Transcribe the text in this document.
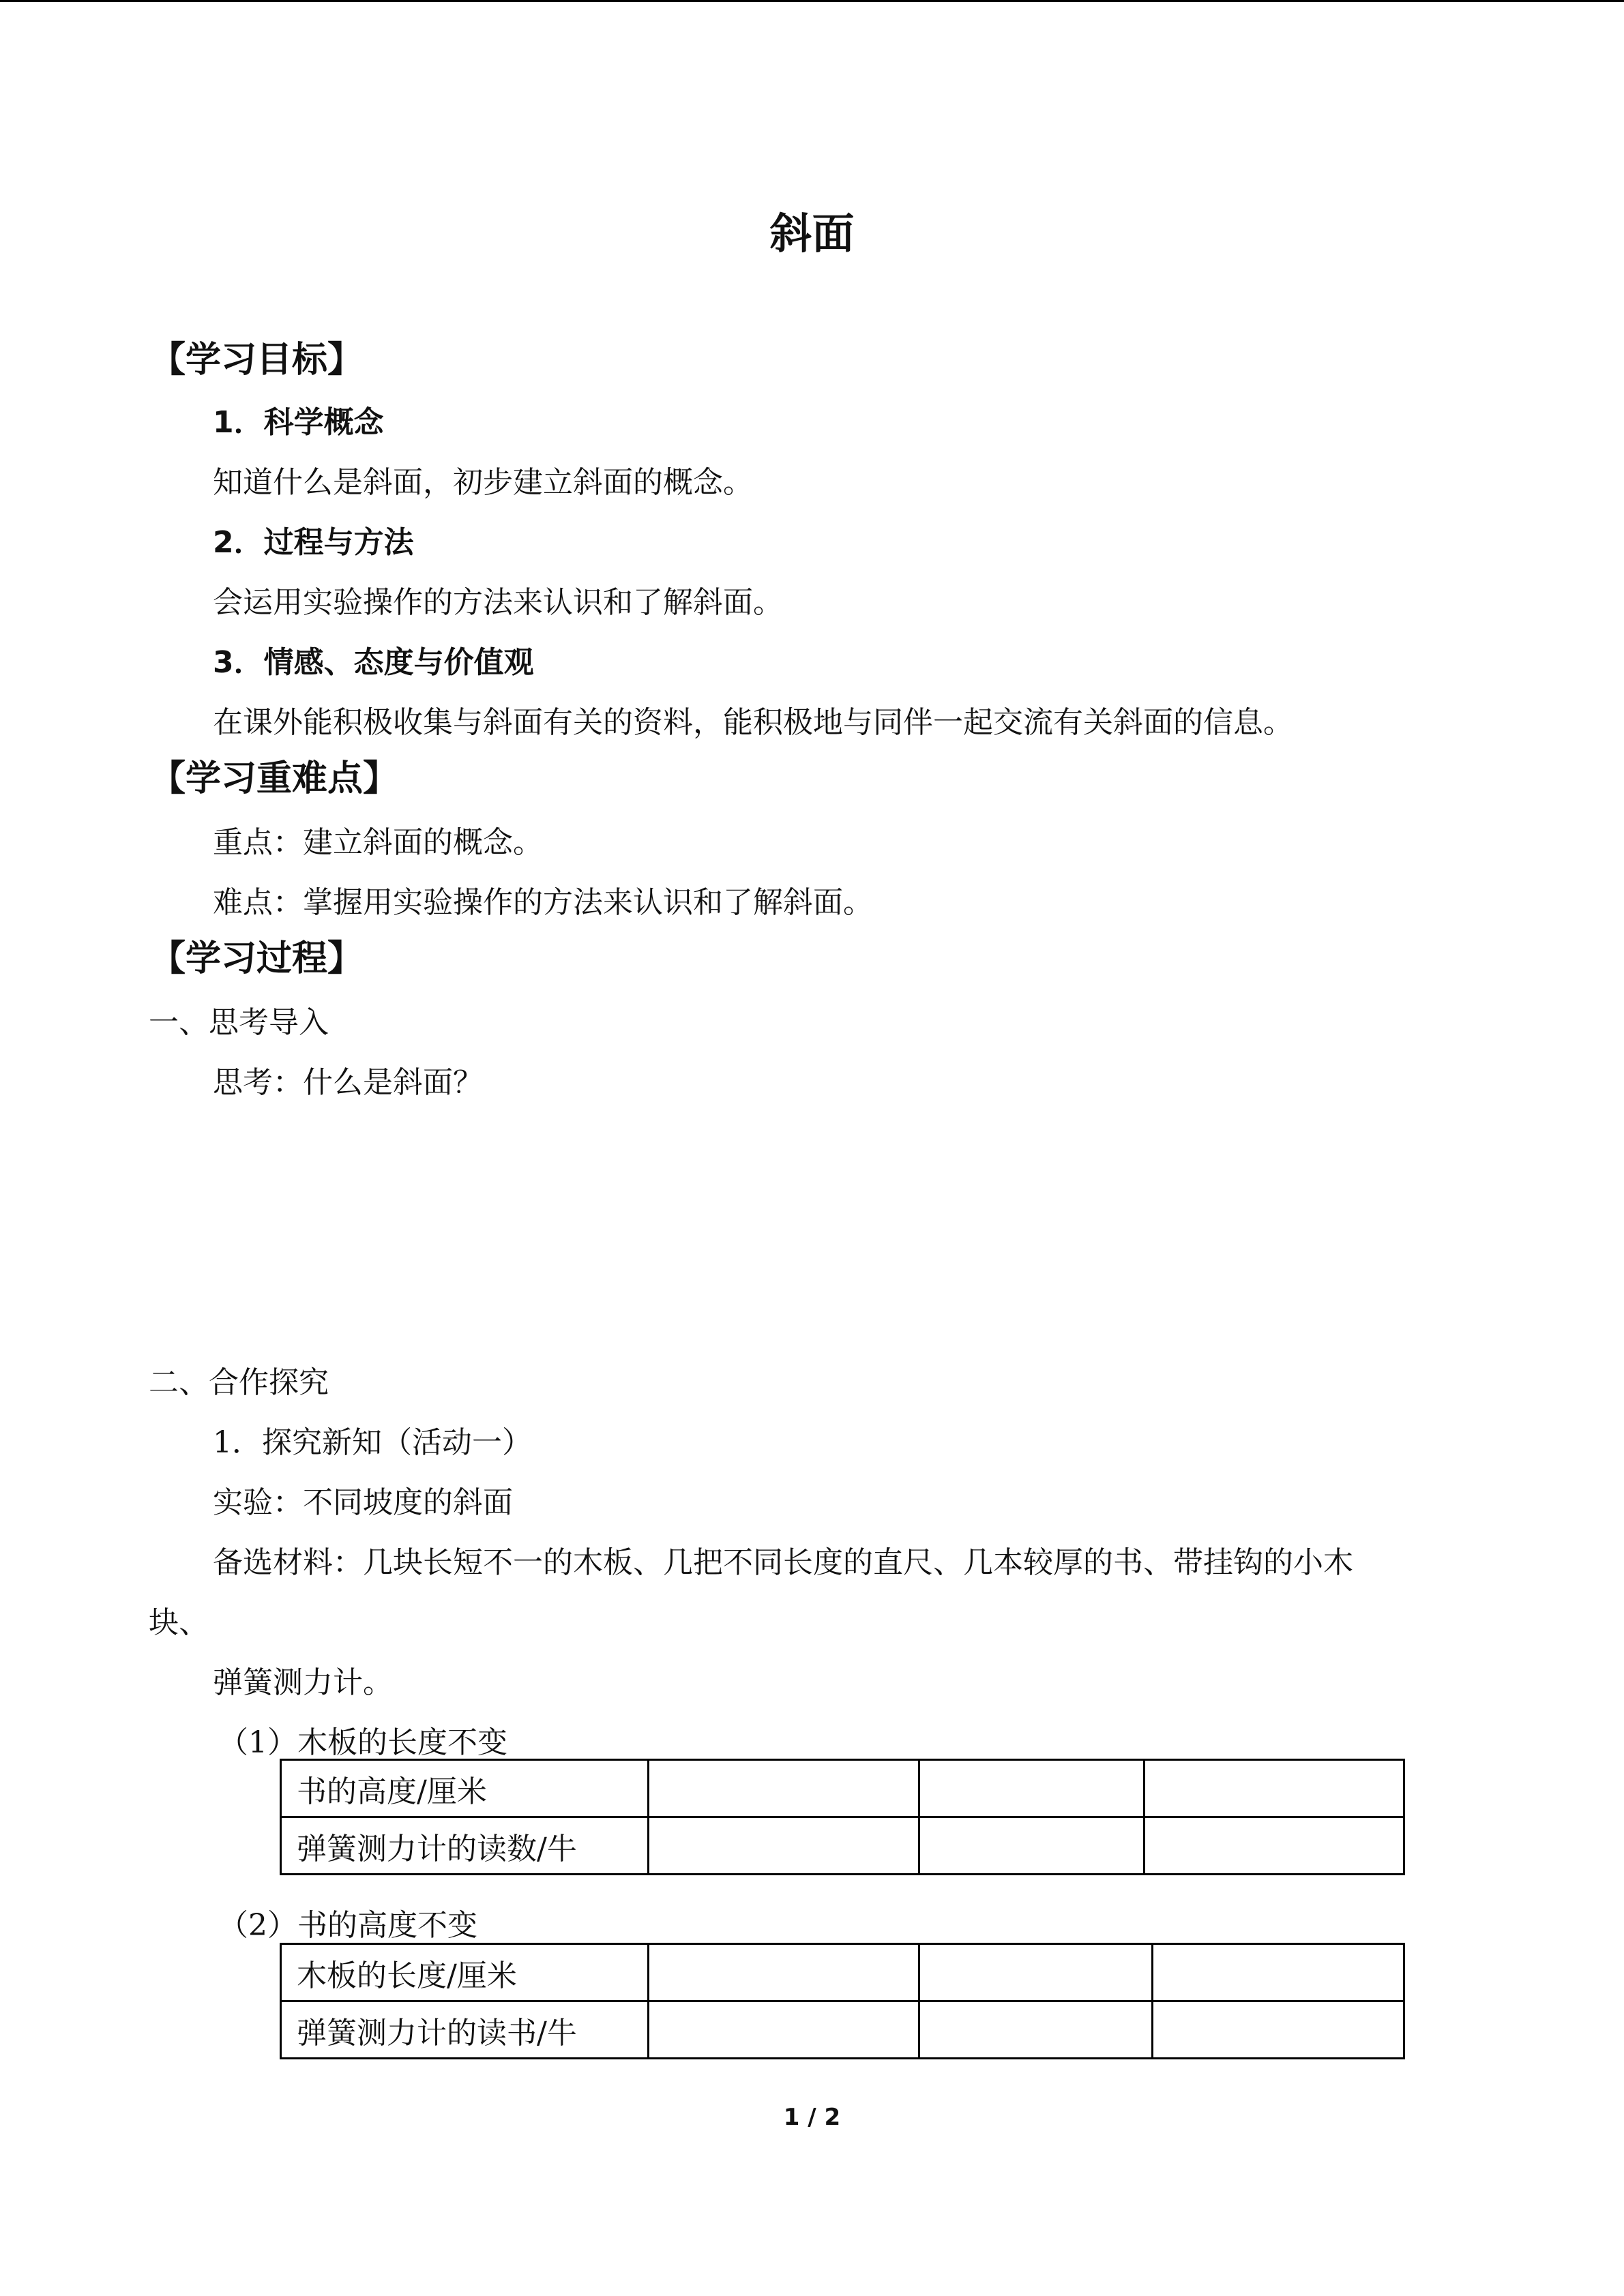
斜面
【学习目标】
1．科学概念
知道什么是斜面，初步建立斜面的概念。
2．过程与方法
会运用实验操作的方法来认识和了解斜面。
3．情感、态度与价值观
在课外能积极收集与斜面有关的资料，能积极地与同伴一起交流有关斜面的信息。
【学习重难点】
重点：建立斜面的概念。
难点：掌握用实验操作的方法来认识和了解斜面。
【学习过程】
一、思考导入
思考：什么是斜面？
二、合作探究
1．探究新知（活动一）
实验：不同坡度的斜面
备选材料：几块长短不一的木板、几把不同长度的直尺、几本较厚的书、带挂钩的小木
块、
弹簧测力计。
（1）木板的长度不变
书的高度/厘米			
弹簧测力计的读数/牛			
（2）书的高度不变
木板的长度/厘米			
弹簧测力计的读书/牛			
1 / 2
